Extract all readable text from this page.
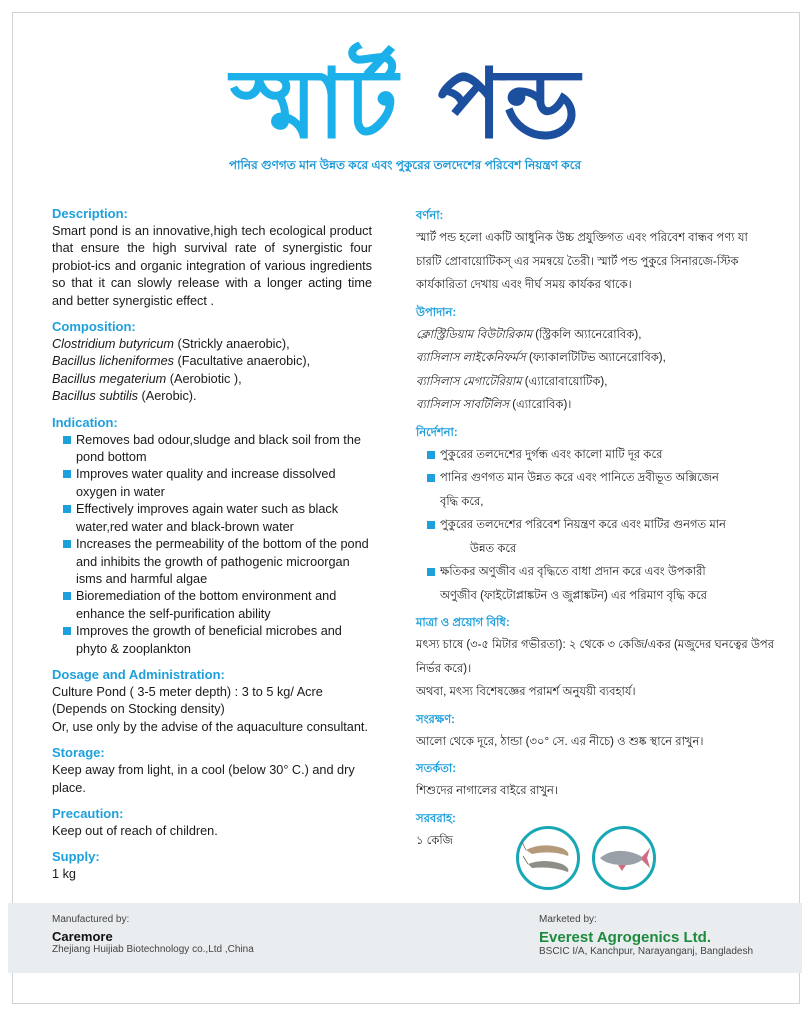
স্মার্ট পন্ড
পানির গুণগত মান উন্নত করে এবং পুকুরের তলদেশের পরিবেশ নিয়ন্ত্রণ করে
Description:
Smart pond is an innovative,high tech ecological product that ensure the high survival rate of synergistic four probiot-ics and organic integration of various ingredients so that it can slowly release with a longer acting time and better synergistic effect .
Composition:
Clostridium butyricum (Strickly anaerobic),
Bacillus licheniformes (Facultative anaerobic),
Bacillus megaterium (Aerobiotic ),
Bacillus subtilis (Aerobic).
Indication:
Removes bad odour,sludge and black soil from the pond bottom
Improves water quality and increase dissolved oxygen in water
Effectively improves again water such as black water,red water and black-brown water
Increases the permeability of the bottom of the pond and inhibits the growth of pathogenic microorgan isms and harmful algae
Bioremediation of the bottom environment and enhance the self-purification ability
Improves the growth of beneficial microbes and phyto & zooplankton
Dosage and Administration:
Culture Pond ( 3-5 meter depth) : 3 to 5 kg/ Acre (Depends on Stocking density)
Or, use only by the advise of the aquaculture consultant.
Storage:
Keep away from light, in a cool (below 30° C.) and dry place.
Precaution:
Keep out of reach of children.
Supply:
1 kg
বর্ণনা:
স্মার্ট পন্ড হলো একটি আধুনিক উচ্চ প্রযুক্তিগত এবং পরিবেশ বান্ধব পণ্য যা চারটি প্রোবায়োটিকস্ এর সমন্বয়ে তৈরী। স্মার্ট পন্ড পুকুরে সিনারজে-স্টিক কার্যকারিতা দেখায় এবং দীর্ঘ সময় কার্যকর থাকে।
উপাদান:
ক্লোস্ট্রিডিয়াম বিউটারিকাম (স্ট্রিকলি অ্যানেরোবিক),
ব্যাসিলাস লাইকেনিফর্মস (ফ্যাকালটিটিভ অ্যানেরোবিক),
ব্যাসিলাস মেগাটেরিয়াম (এ্যারোবায়োটিক),
ব্যাসিলাস সাবটিলিস (এ্যারোবিক)।
নির্দেশনা:
পুকুরের তলদেশের দুর্গন্ধ এবং কালো মাটি দূর করে
পানির গুণগত মান উন্নত করে এবং পানিতে দ্রবীভূত অক্সিজেন
বৃদ্ধি করে,
পুকুরের তলদেশের পরিবেশ নিয়ন্ত্রণ করে এবং মাটির গুনগত মান
উন্নত করে
ক্ষতিকর অণুজীব এর বৃদ্ধিতে বাধা প্রদান করে এবং উপকারী
অণুজীব (ফাইটোপ্লাঙ্কটন ও জুপ্লাঙ্কটন) এর পরিমাণ বৃদ্ধি করে
মাত্রা ও প্রয়োগ বিধি:
মৎস্য চাষে (৩-৫ মিটার গভীরতা): ২ থেকে ৩ কেজি/একর (মজুদের ঘনত্বের উপর নির্ভর করে)।
অথবা, মৎস্য বিশেষজ্ঞের পরামর্শ অনুযয়ী ব্যবহার্য।
সংরক্ষণ:
আলো থেকে দূরে, ঠান্ডা (৩০° সে. এর নীচে) ও শুষ্ক স্থানে রাখুন।
সতর্কতা:
শিশুদের নাগালের বাইরে রাখুন।
সরবরাহ:
১ কেজি
Manufactured by:
Caremore
Zhejiang Huijiab Biotechnology co.,Ltd ,China
Marketed by:
Everest Agrogenics Ltd.
BSCIC I/A, Kanchpur, Narayanganj, Bangladesh
